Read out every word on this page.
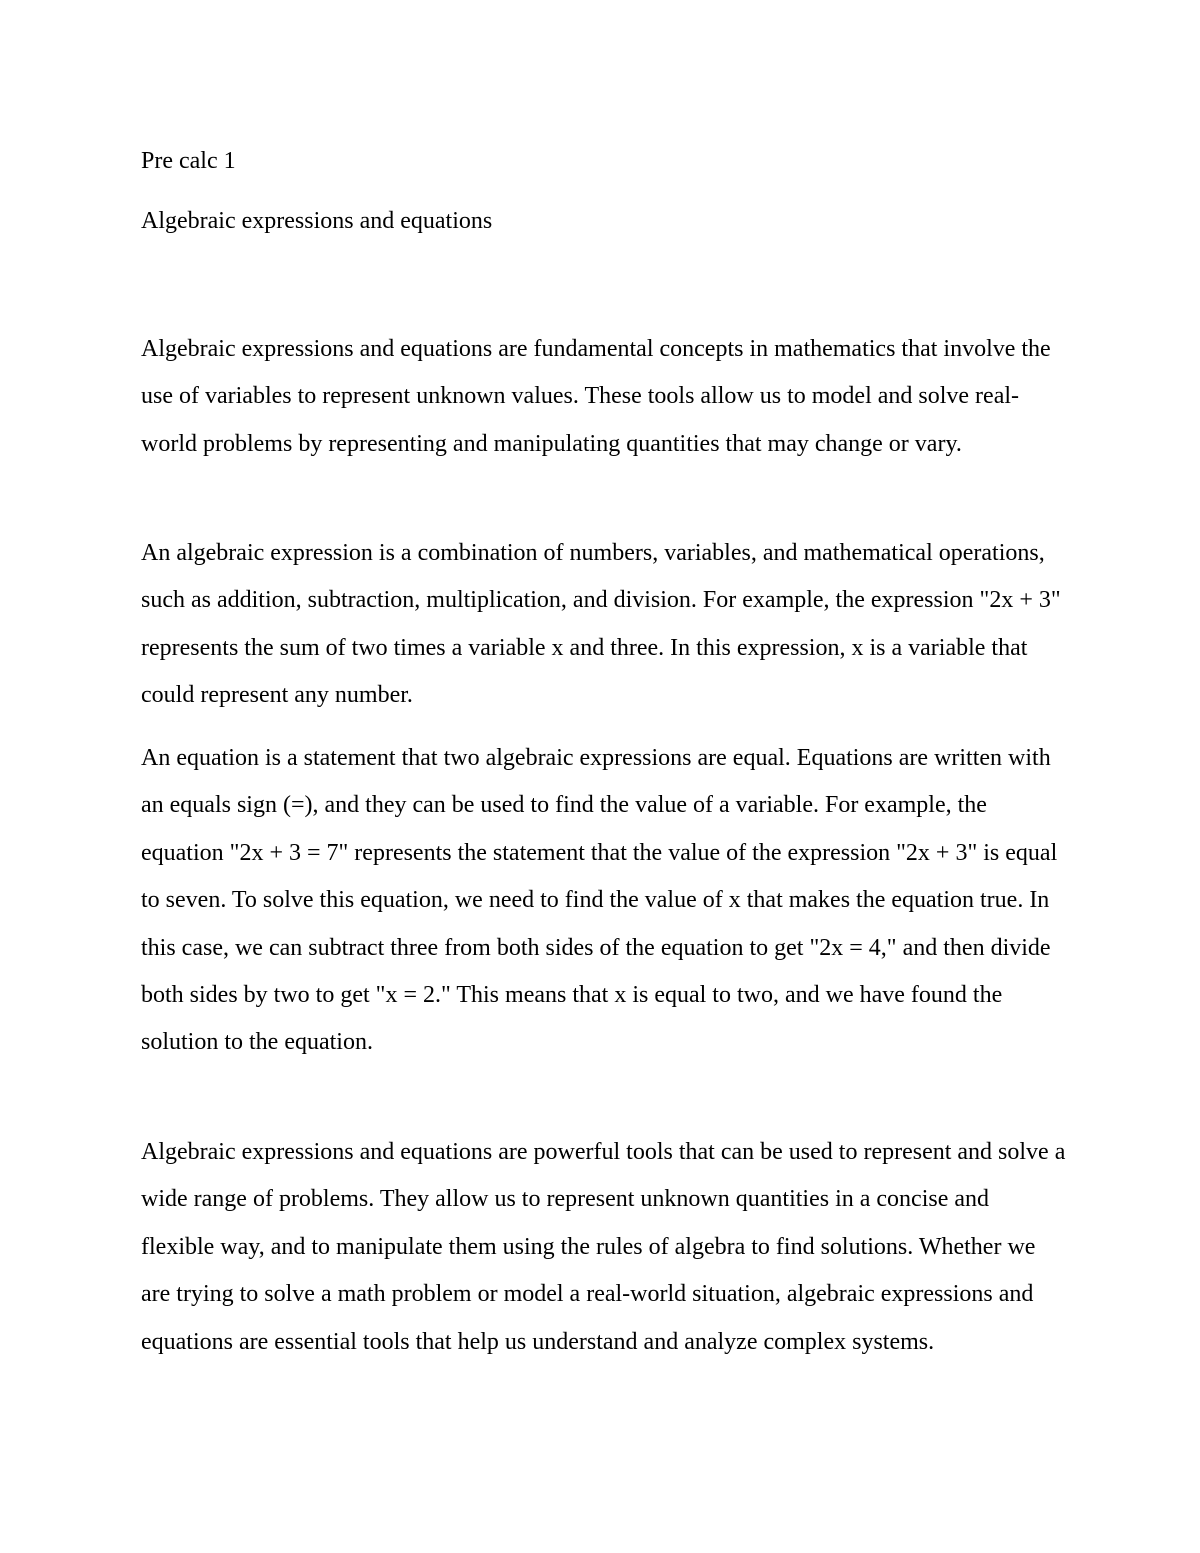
Pre calc 1

Algebraic expressions and equations

Algebraic expressions and equations are fundamental concepts in mathematics that involve the use of variables to represent unknown values. These tools allow us to model and solve real-world problems by representing and manipulating quantities that may change or vary.

An algebraic expression is a combination of numbers, variables, and mathematical operations, such as addition, subtraction, multiplication, and division. For example, the expression "2x + 3" represents the sum of two times a variable x and three. In this expression, x is a variable that could represent any number.

An equation is a statement that two algebraic expressions are equal. Equations are written with an equals sign (=), and they can be used to find the value of a variable. For example, the equation "2x + 3 = 7" represents the statement that the value of the expression "2x + 3" is equal to seven. To solve this equation, we need to find the value of x that makes the equation true. In this case, we can subtract three from both sides of the equation to get "2x = 4," and then divide both sides by two to get "x = 2." This means that x is equal to two, and we have found the solution to the equation.

Algebraic expressions and equations are powerful tools that can be used to represent and solve a wide range of problems. They allow us to represent unknown quantities in a concise and flexible way, and to manipulate them using the rules of algebra to find solutions. Whether we are trying to solve a math problem or model a real-world situation, algebraic expressions and equations are essential tools that help us understand and analyze complex systems.
